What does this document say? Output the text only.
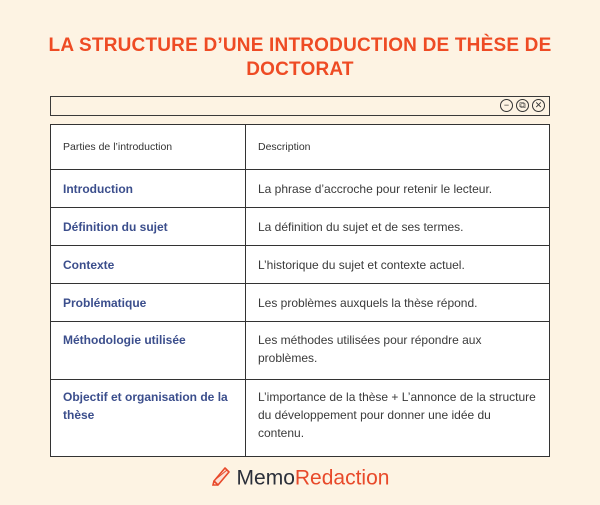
LA STRUCTURE D’UNE INTRODUCTION DE THÈSE DE DOCTORAT
−	⧉	✕
Parties de l’introduction	Description
Introduction	La phrase d’accroche pour retenir le lecteur.
Définition du sujet	La définition du sujet et de ses termes.
Contexte	L’historique du sujet et contexte actuel.
Problématique	Les problèmes auxquels la thèse répond.
Méthodologie utilisée	Les méthodes utilisées pour répondre aux problèmes.
Objectif et organisation de la thèse	L’importance de la thèse + L’annonce de la structure du développement pour donner une idée du contenu.
MemoRedaction
